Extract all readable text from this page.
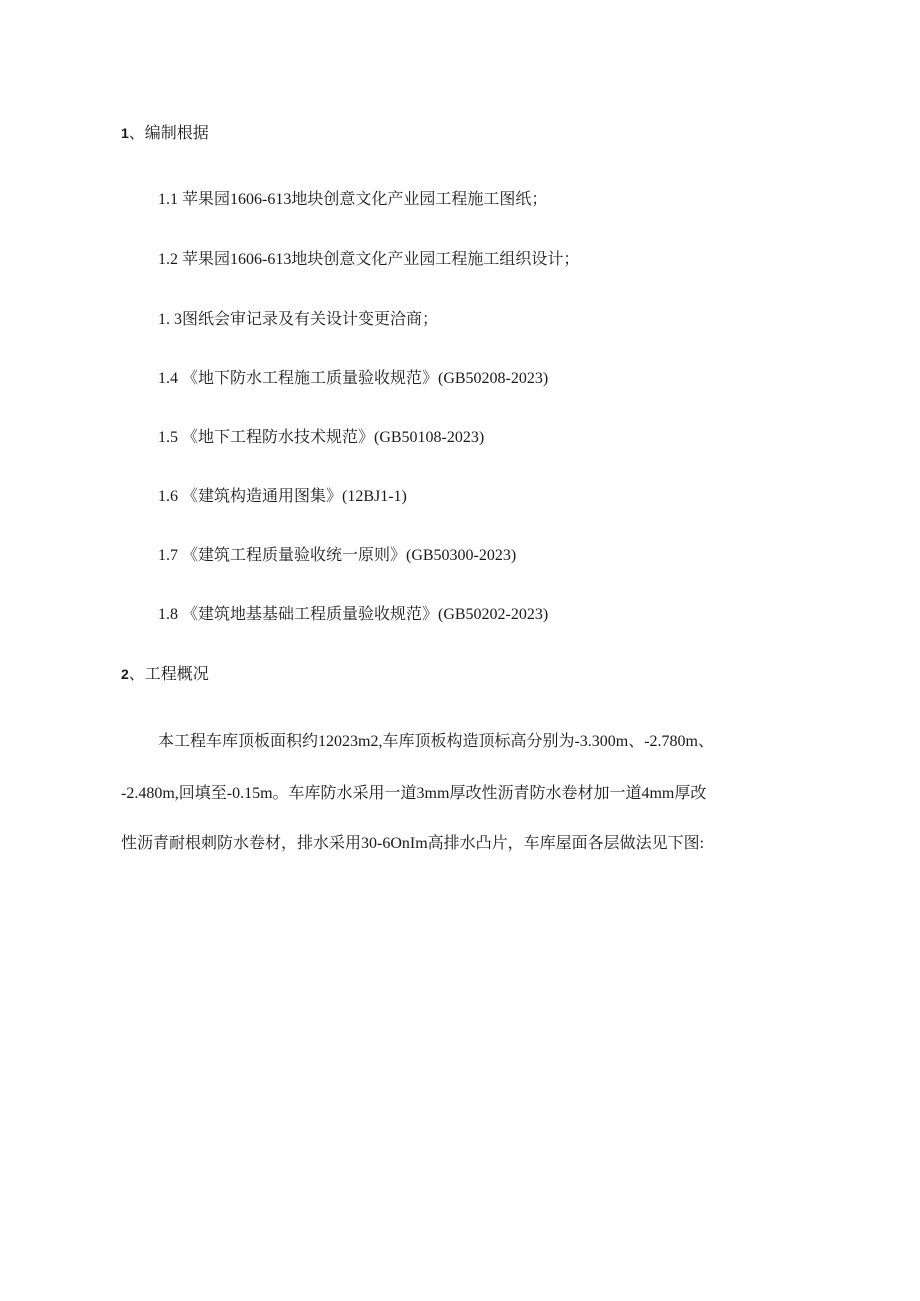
1、编制根据
1.1 苹果园1606-613地块创意文化产业园工程施工图纸；
1.2 苹果园1606-613地块创意文化产业园工程施工组织设计；
1. 3图纸会审记录及有关设计变更洽商；
1.4 《地下防水工程施工质量验收规范》(GB50208-2023)
1.5 《地下工程防水技术规范》(GB50108-2023)
1.6 《建筑构造通用图集》(12BJ1-1)
1.7 《建筑工程质量验收统一原则》(GB50300-2023)
1.8 《建筑地基基础工程质量验收规范》(GB50202-2023)
2、工程概况
本工程车库顶板面积约12023m2,车库顶板构造顶标高分别为-3.300m、-2.780m、
-2.480m,回填至-0.15m。车库防水采用一道3mm厚改性沥青防水卷材加一道4mm厚改
性沥青耐根刺防水卷材，排水采用30-6OnIm高排水凸片，车库屋面各层做法见下图:
